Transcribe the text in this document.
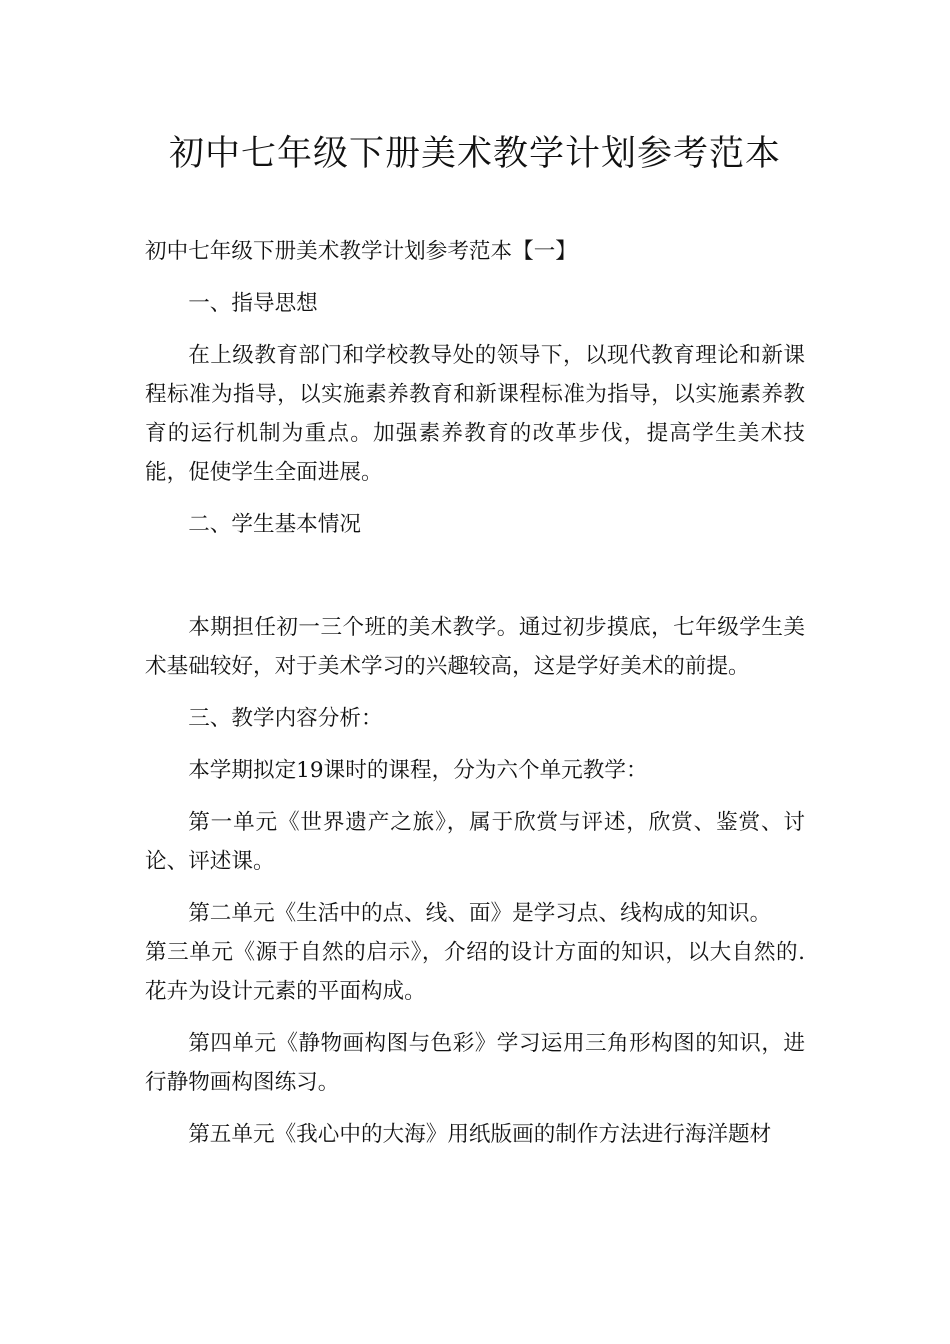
初中七年级下册美术教学计划参考范本

初中七年级下册美术教学计划参考范本【一】

一、指导思想

在上级教育部门和学校教导处的领导下，以现代教育理论和新课程标准为指导，以实施素养教育和新课程标准为指导，以实施素养教育的运行机制为重点。加强素养教育的改革步伐，提高学生美术技能，促使学生全面进展。

二、学生基本情况

本期担任初一三个班的美术教学。通过初步摸底，七年级学生美术基础较好，对于美术学习的兴趣较高，这是学好美术的前提。

三、教学内容分析：

本学期拟定19课时的课程，分为六个单元教学：

第一单元《世界遗产之旅》，属于欣赏与评述，欣赏、鉴赏、讨论、评述课。

第二单元《生活中的点、线、面》是学习点、线构成的知识。

第三单元《源于自然的启示》，介绍的设计方面的知识，以大自然的. 花卉为设计元素的平面构成。

第四单元《静物画构图与色彩》学习运用三角形构图的知识，进行静物画构图练习。

第五单元《我心中的大海》用纸版画的制作方法进行海洋题材
